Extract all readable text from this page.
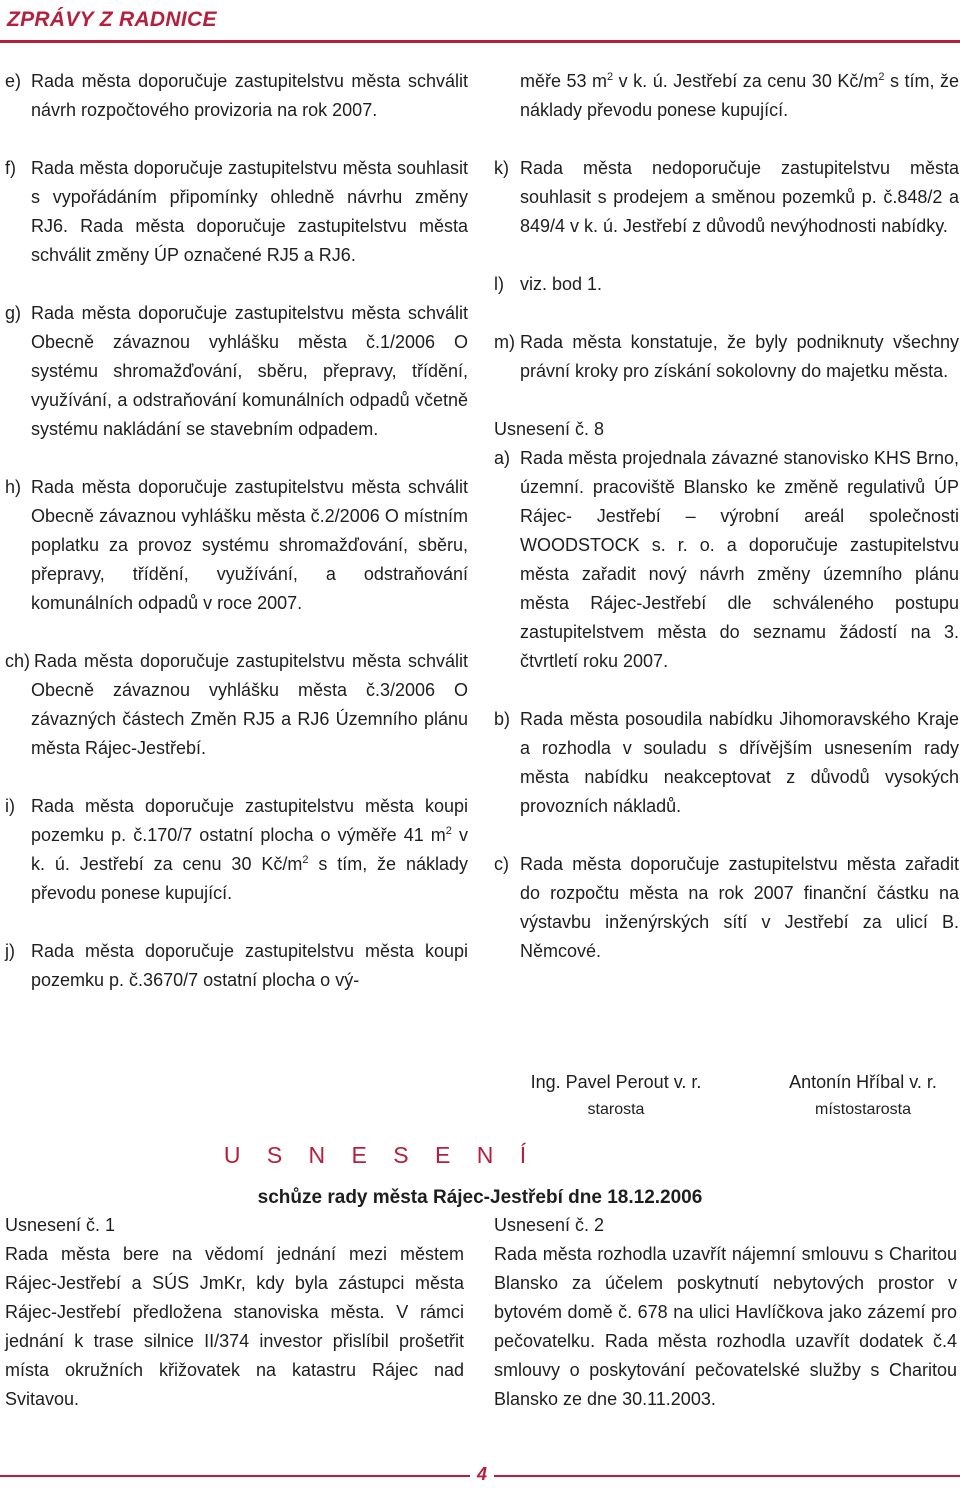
ZPRÁVY Z RADNICE

e) Rada města doporučuje zastupitelstvu města schválit návrh rozpočtového provizoria na rok 2007.

f) Rada města doporučuje zastupitelstvu města souhlasit s vypořádáním připomínky ohledně návrhu změny RJ6. Rada města doporučuje zastupitelstvu města schválit změny ÚP označené RJ5 a RJ6.

g) Rada města doporučuje zastupitelstvu města schválit Obecně závaznou vyhlášku města č.1/2006 O systému shromažďování, sběru, přepravy, třídění, využívání, a odstraňování komunálních odpadů včetně systému nakládání se stavebním odpadem.

h) Rada města doporučuje zastupitelstvu města schválit Obecně závaznou vyhlášku města č.2/2006 O místním poplatku za provoz systému shromažďování, sběru, přepravy, třídění, využívání, a odstraňování komunálních odpadů v roce 2007.

ch) Rada města doporučuje zastupitelstvu města schválit Obecně závaznou vyhlášku města č.3/2006 O závazných částech Změn RJ5 a RJ6 Územního plánu města Rájec-Jestřebí.

i) Rada města doporučuje zastupitelstvu města koupi pozemku p. č.170/7 ostatní plocha o výměře 41 $m^2$ v k. ú. Jestřebí za cenu 30 $Kč/m^2$ s tím, že náklady převodu ponese kupující.

j) Rada města doporučuje zastupitelstvu města koupi pozemku p. č.3670/7 ostatní plocha o vý-

měře 53 $m^2$ v k. ú. Jestřebí za cenu 30 $Kč/m^2$ s tím, že náklady převodu ponese kupující.

k) Rada města nedoporučuje zastupitelstvu města souhlasit s prodejem a směnou pozemků p. č.848/2 a 849/4 v k. ú. Jestřebí z důvodů nevýhodnosti nabídky.

l) viz. bod 1.

m) Rada města konstatuje, že byly podniknuty všechny právní kroky pro získání sokolovny do majetku města.

Usnesení č. 8

a) Rada města projednala závazné stanovisko KHS Brno, územní. pracoviště Blansko ke změně regulativů ÚP Rájec- Jestřebí – výrobní areál společnosti WOODSTOCK s. r. o. a doporučuje zastupitelstvu města zařadit nový návrh změny územního plánu města Rájec-Jestřebí dle schváleného postupu zastupitelstvem města do seznamu žádostí na 3. čtvrtletí roku 2007.

b) Rada města posoudila nabídku Jihomoravského Kraje a rozhodla v souladu s dřívějším usnesením rady města nabídku neakceptovat z důvodů vysokých provozních nákladů.

c) Rada města doporučuje zastupitelstvu města zařadit do rozpočtu města na rok 2007 finanční částku na výstavbu inženýrských sítí v Jestřebí za ulicí B. Němcové.

Ing. Pavel Perout v. r.
starosta
Antonín Hříbal v. r.
místostarosta
U S N E S E N Í
schůze rady města Rájec-Jestřebí dne 18.12.2006
Usnesení č. 1
Rada města bere na vědomí jednání mezi městem Rájec-Jestřebí a SÚS JmKr, kdy byla zástupci města Rájec-Jestřebí předložena stanoviska města. V rámci jednání k trase silnice II/374 investor přislíbil prošetřit místa okružních křižovatek na katastru Rájec nad Svitavou.
Usnesení č. 2
Rada města rozhodla uzavřít nájemní smlouvu s Charitou Blansko za účelem poskytnutí nebytových prostor v bytovém domě č. 678 na ulici Havlíčkova jako zázemí pro pečovatelku. Rada města rozhodla uzavřít dodatek č.4 smlouvy o poskytování pečovatelské služby s Charitou Blansko ze dne 30.11.2003.
4
